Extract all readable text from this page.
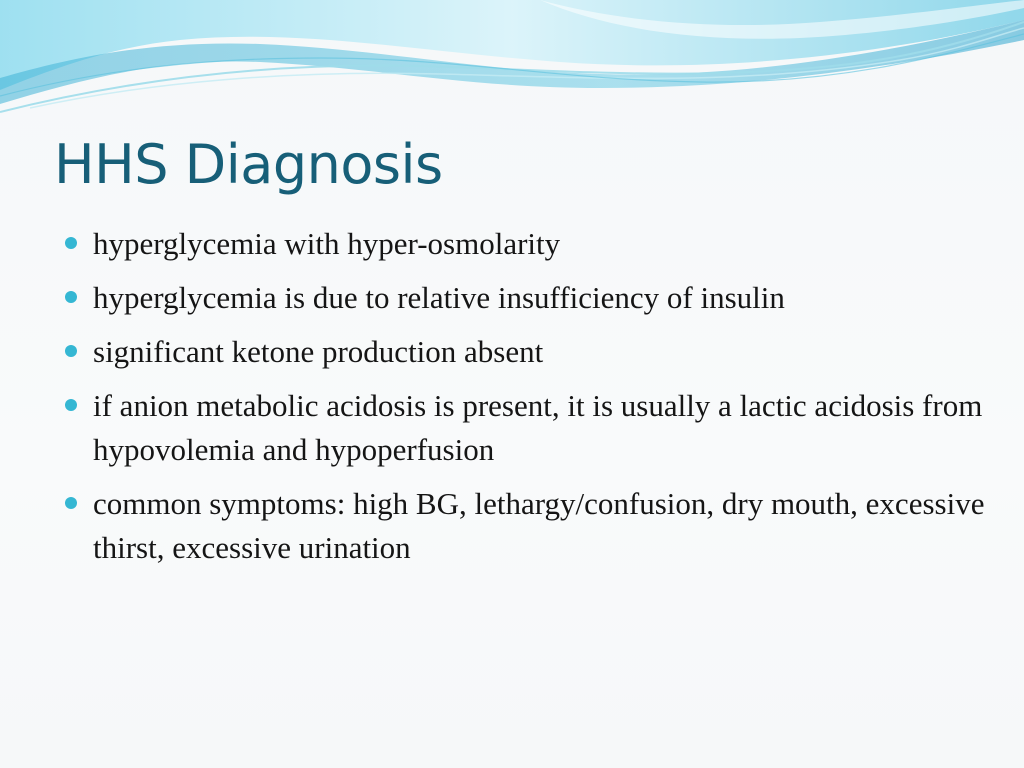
HHS Diagnosis
hyperglycemia with hyper-osmolarity
hyperglycemia is due to relative insufficiency of insulin
significant ketone production absent
if anion metabolic acidosis is present, it is usually a lactic acidosis from hypovolemia and hypoperfusion
common symptoms: high BG, lethargy/confusion, dry mouth, excessive thirst, excessive urination
